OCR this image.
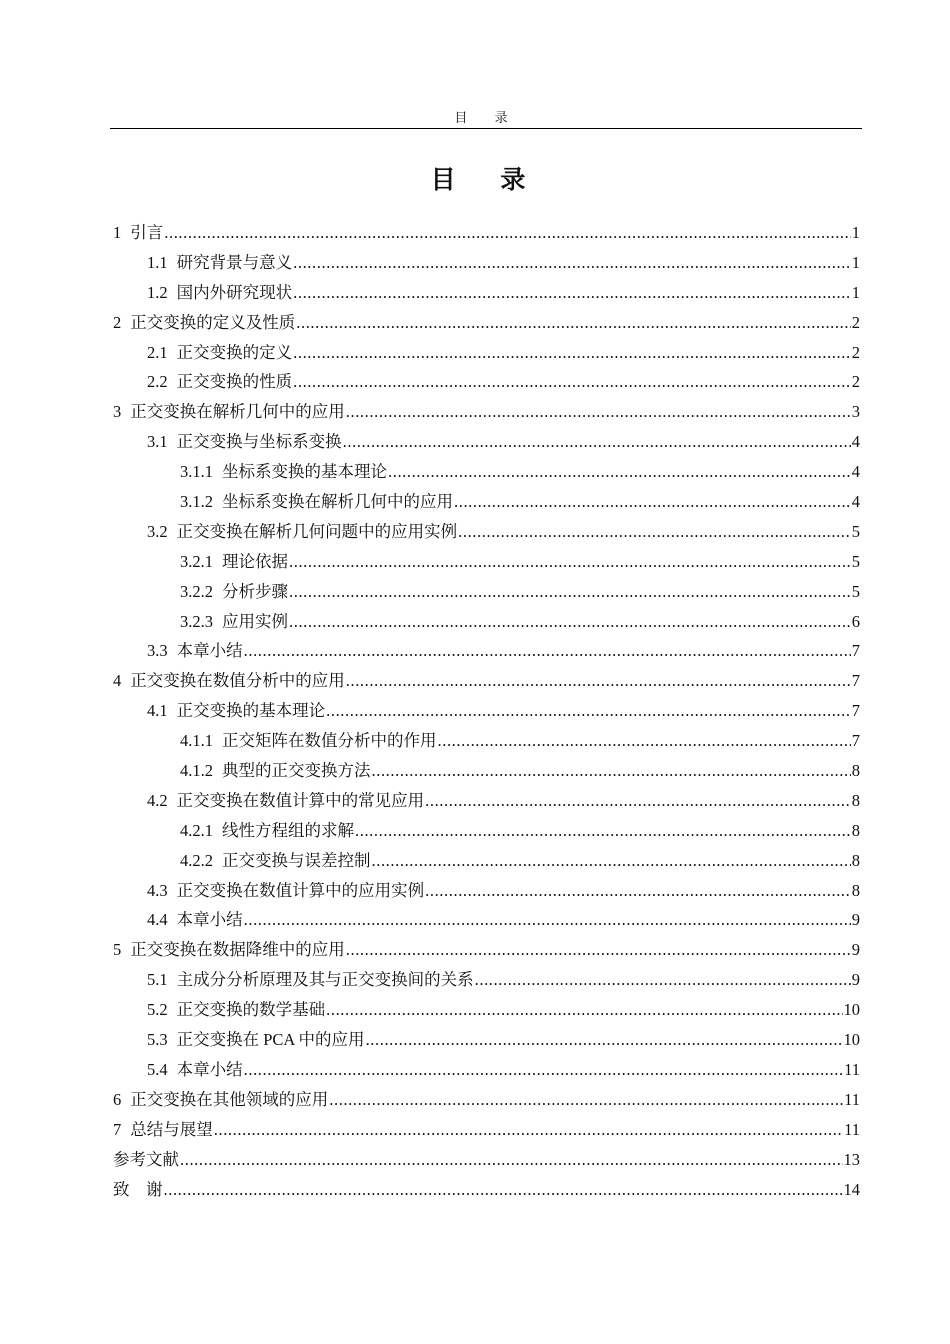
目 录
目 录
1 引言 .....	1
1.1 研究背景与意义 .....	1
1.2 国内外研究现状 .....	1
2 正交变换的定义及性质 .....	2
2.1 正交变换的定义 .....	2
2.2 正交变换的性质 .....	2
3 正交变换在解析几何中的应用 .....	3
3.1 正交变换与坐标系变换 .....	4
3.1.1 坐标系变换的基本理论 .....	4
3.1.2 坐标系变换在解析几何中的应用 .....	4
3.2 正交变换在解析几何问题中的应用实例 .....	5
3.2.1 理论依据 .....	5
3.2.2 分析步骤 .....	5
3.2.3 应用实例 .....	6
3.3 本章小结 .....	7
4 正交变换在数值分析中的应用 .....	7
4.1 正交变换的基本理论 .....	7
4.1.1 正交矩阵在数值分析中的作用 .....	7
4.1.2 典型的正交变换方法 .....	8
4.2 正交变换在数值计算中的常见应用 .....	8
4.2.1 线性方程组的求解 .....	8
4.2.2 正交变换与误差控制 .....	8
4.3 正交变换在数值计算中的应用实例 .....	8
4.4 本章小结 .....	9
5 正交变换在数据降维中的应用 .....	9
5.1 主成分分析原理及其与正交变换间的关系 .....	9
5.2 正交变换的数学基础 .....	10
5.3 正交变换在 PCA 中的应用 .....	10
5.4 本章小结 .....	11
6 正交变换在其他领域的应用 .....	11
7 总结与展望 .....	11
参考文献 .....	13
致　谢 .....	14
